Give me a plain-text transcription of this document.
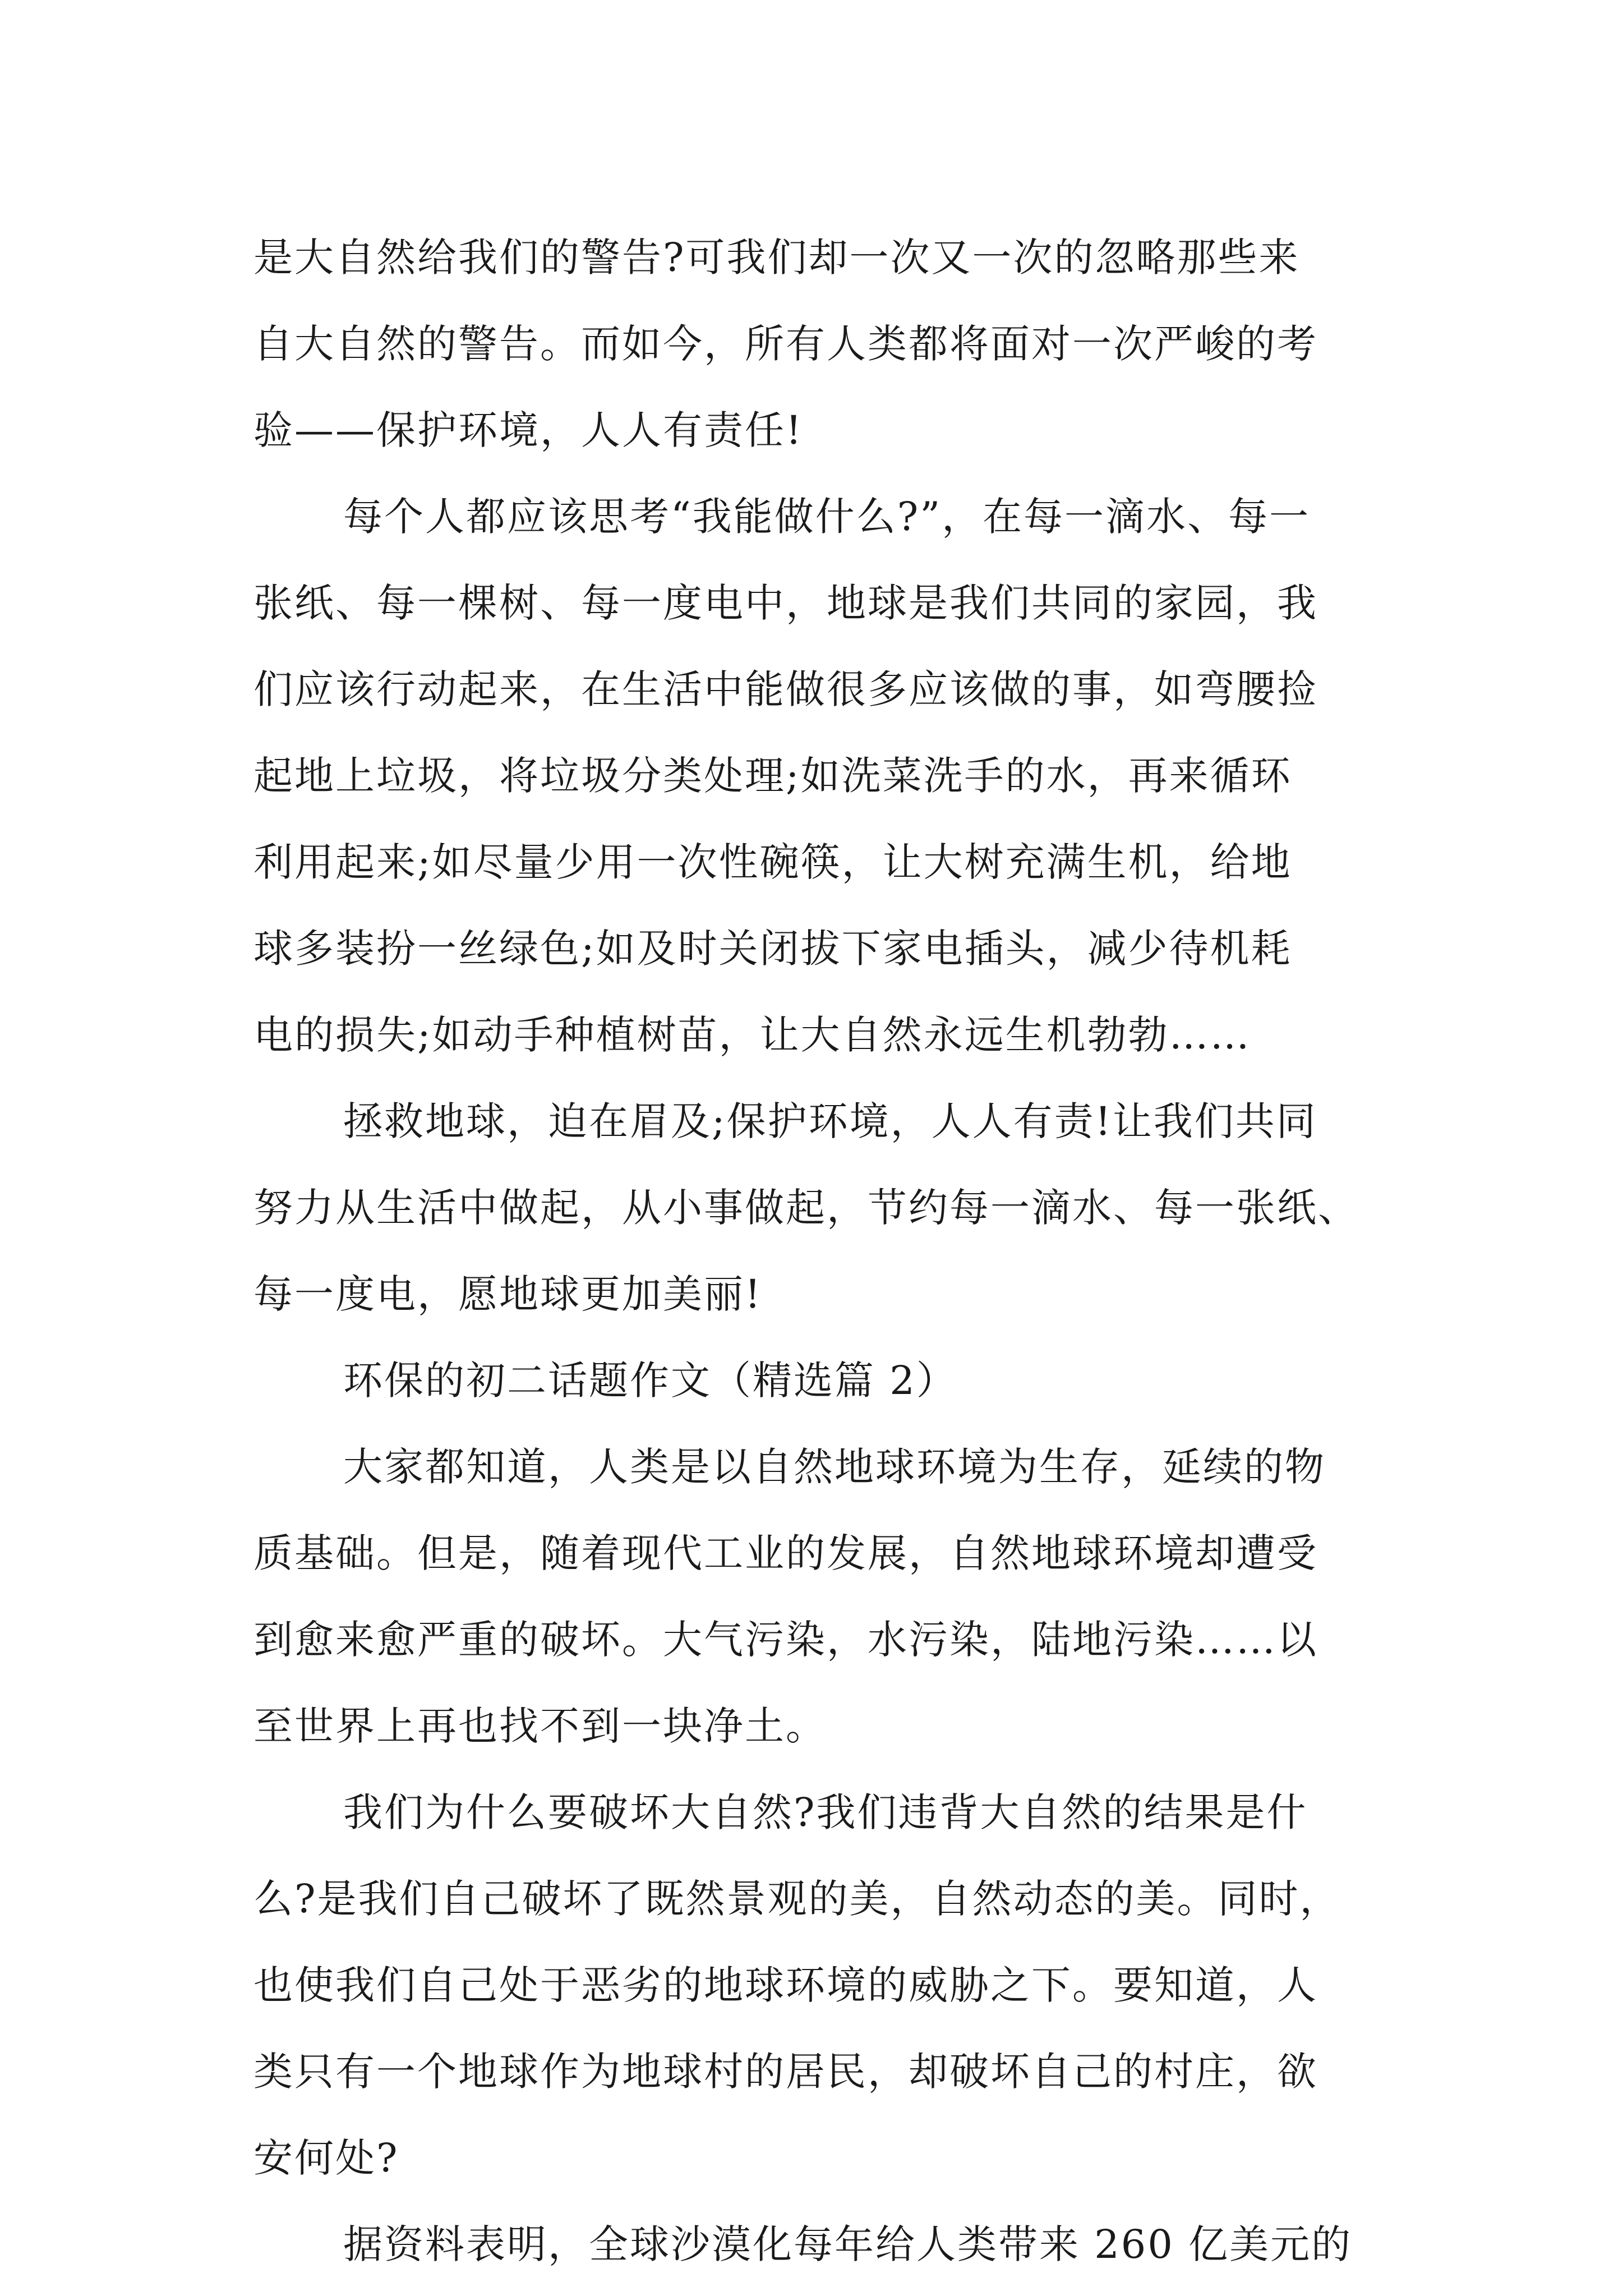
是大自然给我们的警告?可我们却一次又一次的忽略那些来
自大自然的警告。而如今，所有人类都将面对一次严峻的考
验——保护环境，人人有责任!
每个人都应该思考“我能做什么?”，在每一滴水、每一
张纸、每一棵树、每一度电中，地球是我们共同的家园，我
们应该行动起来，在生活中能做很多应该做的事，如弯腰捡
起地上垃圾，将垃圾分类处理;如洗菜洗手的水，再来循环
利用起来;如尽量少用一次性碗筷，让大树充满生机，给地
球多装扮一丝绿色;如及时关闭拔下家电插头，减少待机耗
电的损失;如动手种植树苗，让大自然永远生机勃勃……
拯救地球，迫在眉及;保护环境，人人有责!让我们共同
努力从生活中做起，从小事做起，节约每一滴水、每一张纸、
每一度电，愿地球更加美丽!
环保的初二话题作文（精选篇 2）
大家都知道，人类是以自然地球环境为生存，延续的物
质基础。但是，随着现代工业的发展，自然地球环境却遭受
到愈来愈严重的破坏。大气污染，水污染，陆地污染……以
至世界上再也找不到一块净土。
我们为什么要破坏大自然?我们违背大自然的结果是什
么?是我们自己破坏了既然景观的美，自然动态的美。同时，
也使我们自己处于恶劣的地球环境的威胁之下。要知道，人
类只有一个地球作为地球村的居民，却破坏自己的村庄，欲
安何处?
据资料表明，全球沙漠化每年给人类带来 260 亿美元的
